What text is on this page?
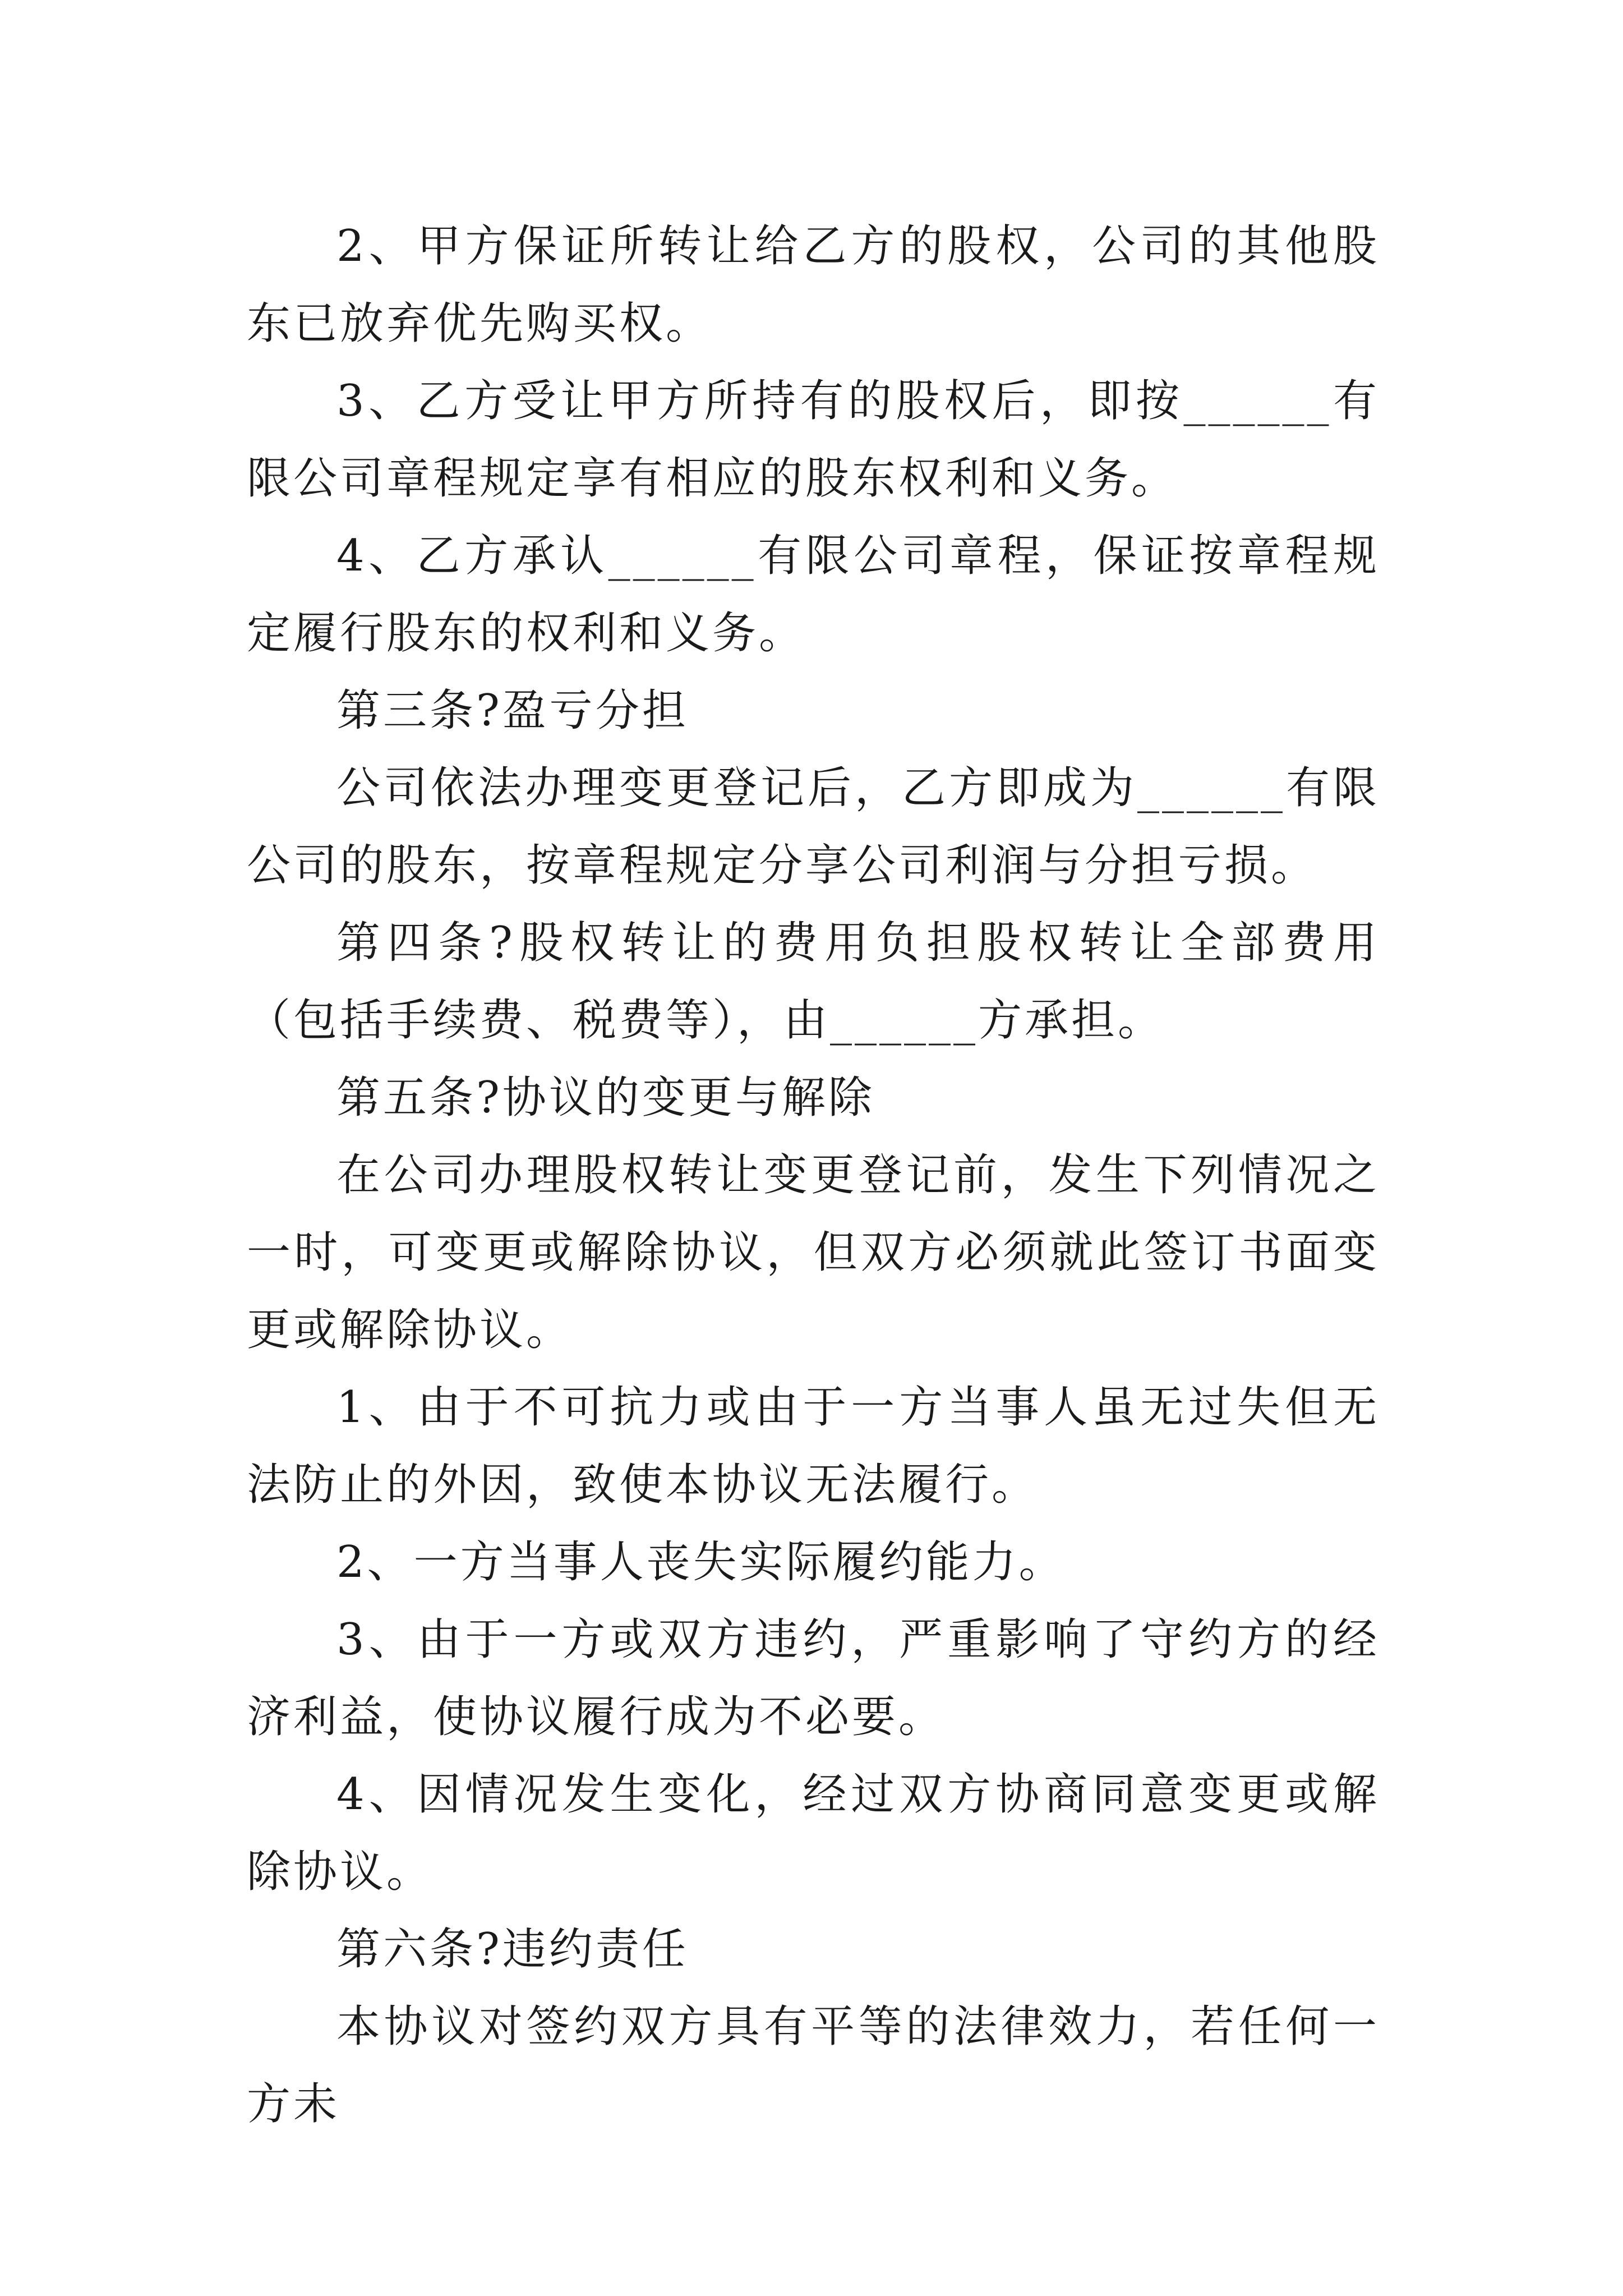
2、甲方保证所转让给乙方的股权，公司的其他股东已放弃优先购买权。

3、乙方受让甲方所持有的股权后，即按______有限公司章程规定享有相应的股东权利和义务。

4、乙方承认______有限公司章程，保证按章程规定履行股东的权利和义务。

第三条?盈亏分担

公司依法办理变更登记后，乙方即成为______有限公司的股东，按章程规定分享公司利润与分担亏损。

第四条?股权转让的费用负担股权转让全部费用（包括手续费、税费等），由______方承担。

第五条?协议的变更与解除

在公司办理股权转让变更登记前，发生下列情况之一时，可变更或解除协议，但双方必须就此签订书面变更或解除协议。

1、由于不可抗力或由于一方当事人虽无过失但无法防止的外因，致使本协议无法履行。

2、一方当事人丧失实际履约能力。

3、由于一方或双方违约，严重影响了守约方的经济利益，使协议履行成为不必要。

4、因情况发生变化，经过双方协商同意变更或解除协议。

第六条?违约责任

本协议对签约双方具有平等的法律效力，若任何一方未
